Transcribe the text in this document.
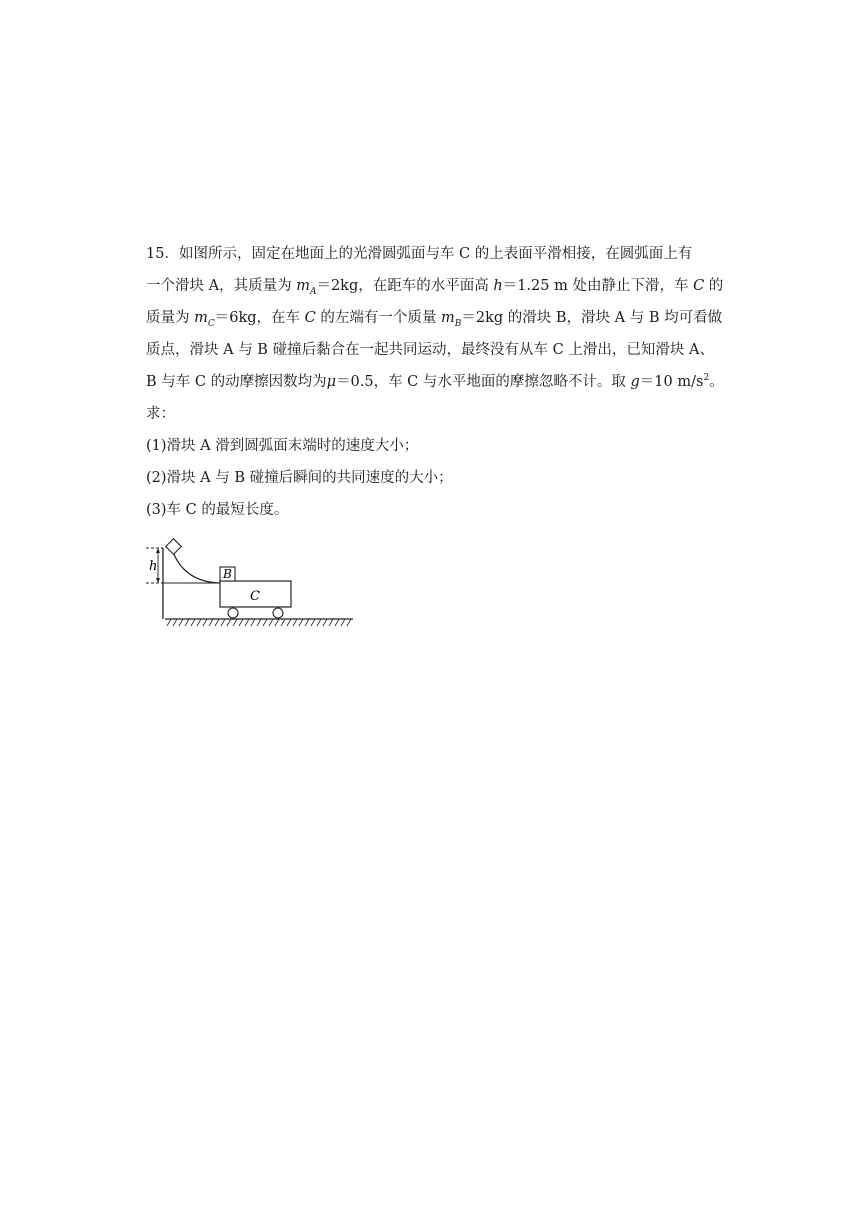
15．如图所示，固定在地面上的光滑圆弧面与车 C 的上表面平滑相接，在圆弧面上有
一个滑块 A，其质量为 $m_A=2kg$，在距车的水平面高 h＝1.25 m 处由静止下滑，车 C 的
质量为 $m_C=6kg$，在车 C 的左端有一个质量 $m_B=2kg$ 的滑块 B，滑块 A 与 B 均可看做
质点，滑块 A 与 B 碰撞后黏合在一起共同运动，最终没有从车 C 上滑出，已知滑块 A、
B 与车 C 的动摩擦因数均为μ＝0.5，车 C 与水平地面的摩擦忽略不计。取 g＝10 $m/s^2$。
求：
(1)滑块 A 滑到圆弧面末端时的速度大小；
(2)滑块 A 与 B 碰撞后瞬间的共同速度的大小；
(3)车 C 的最短长度。
h
C
B
